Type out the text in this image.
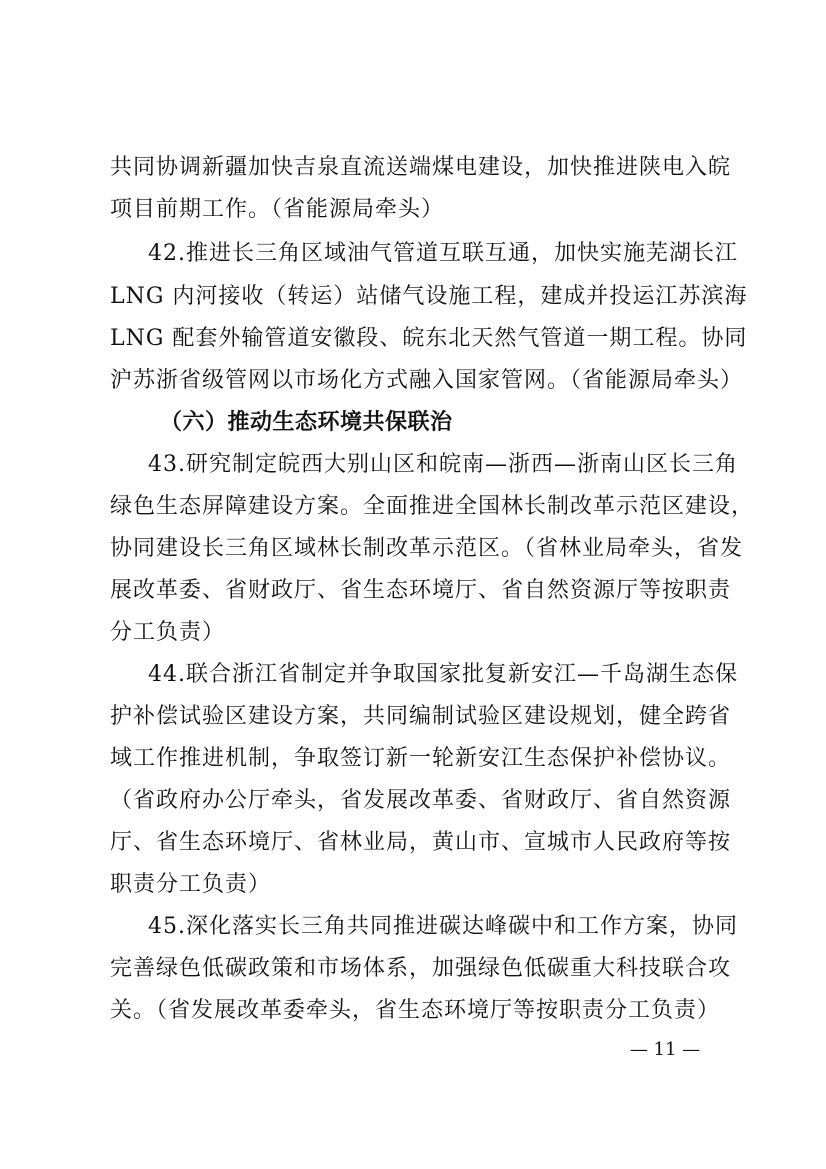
共同协调新疆加快吉泉直流送端煤电建设，加快推进陕电入皖
项目前期工作。（省能源局牵头）
42.推进长三角区域油气管道互联互通，加快实施芜湖长江
LNG 内河接收（转运）站储气设施工程，建成并投运江苏滨海
LNG 配套外输管道安徽段、皖东北天然气管道一期工程。协同
沪苏浙省级管网以市场化方式融入国家管网。（省能源局牵头）
（六）推动生态环境共保联治
43.研究制定皖西大别山区和皖南—浙西—浙南山区长三角
绿色生态屏障建设方案。全面推进全国林长制改革示范区建设，
协同建设长三角区域林长制改革示范区。（省林业局牵头，省发
展改革委、省财政厅、省生态环境厅、省自然资源厅等按职责
分工负责）
44.联合浙江省制定并争取国家批复新安江—千岛湖生态保
护补偿试验区建设方案，共同编制试验区建设规划，健全跨省
域工作推进机制，争取签订新一轮新安江生态保护补偿协议。
（省政府办公厅牵头，省发展改革委、省财政厅、省自然资源
厅、省生态环境厅、省林业局，黄山市、宣城市人民政府等按
职责分工负责）
45.深化落实长三角共同推进碳达峰碳中和工作方案，协同
完善绿色低碳政策和市场体系，加强绿色低碳重大科技联合攻
关。（省发展改革委牵头，省生态环境厅等按职责分工负责）
— 11 —
